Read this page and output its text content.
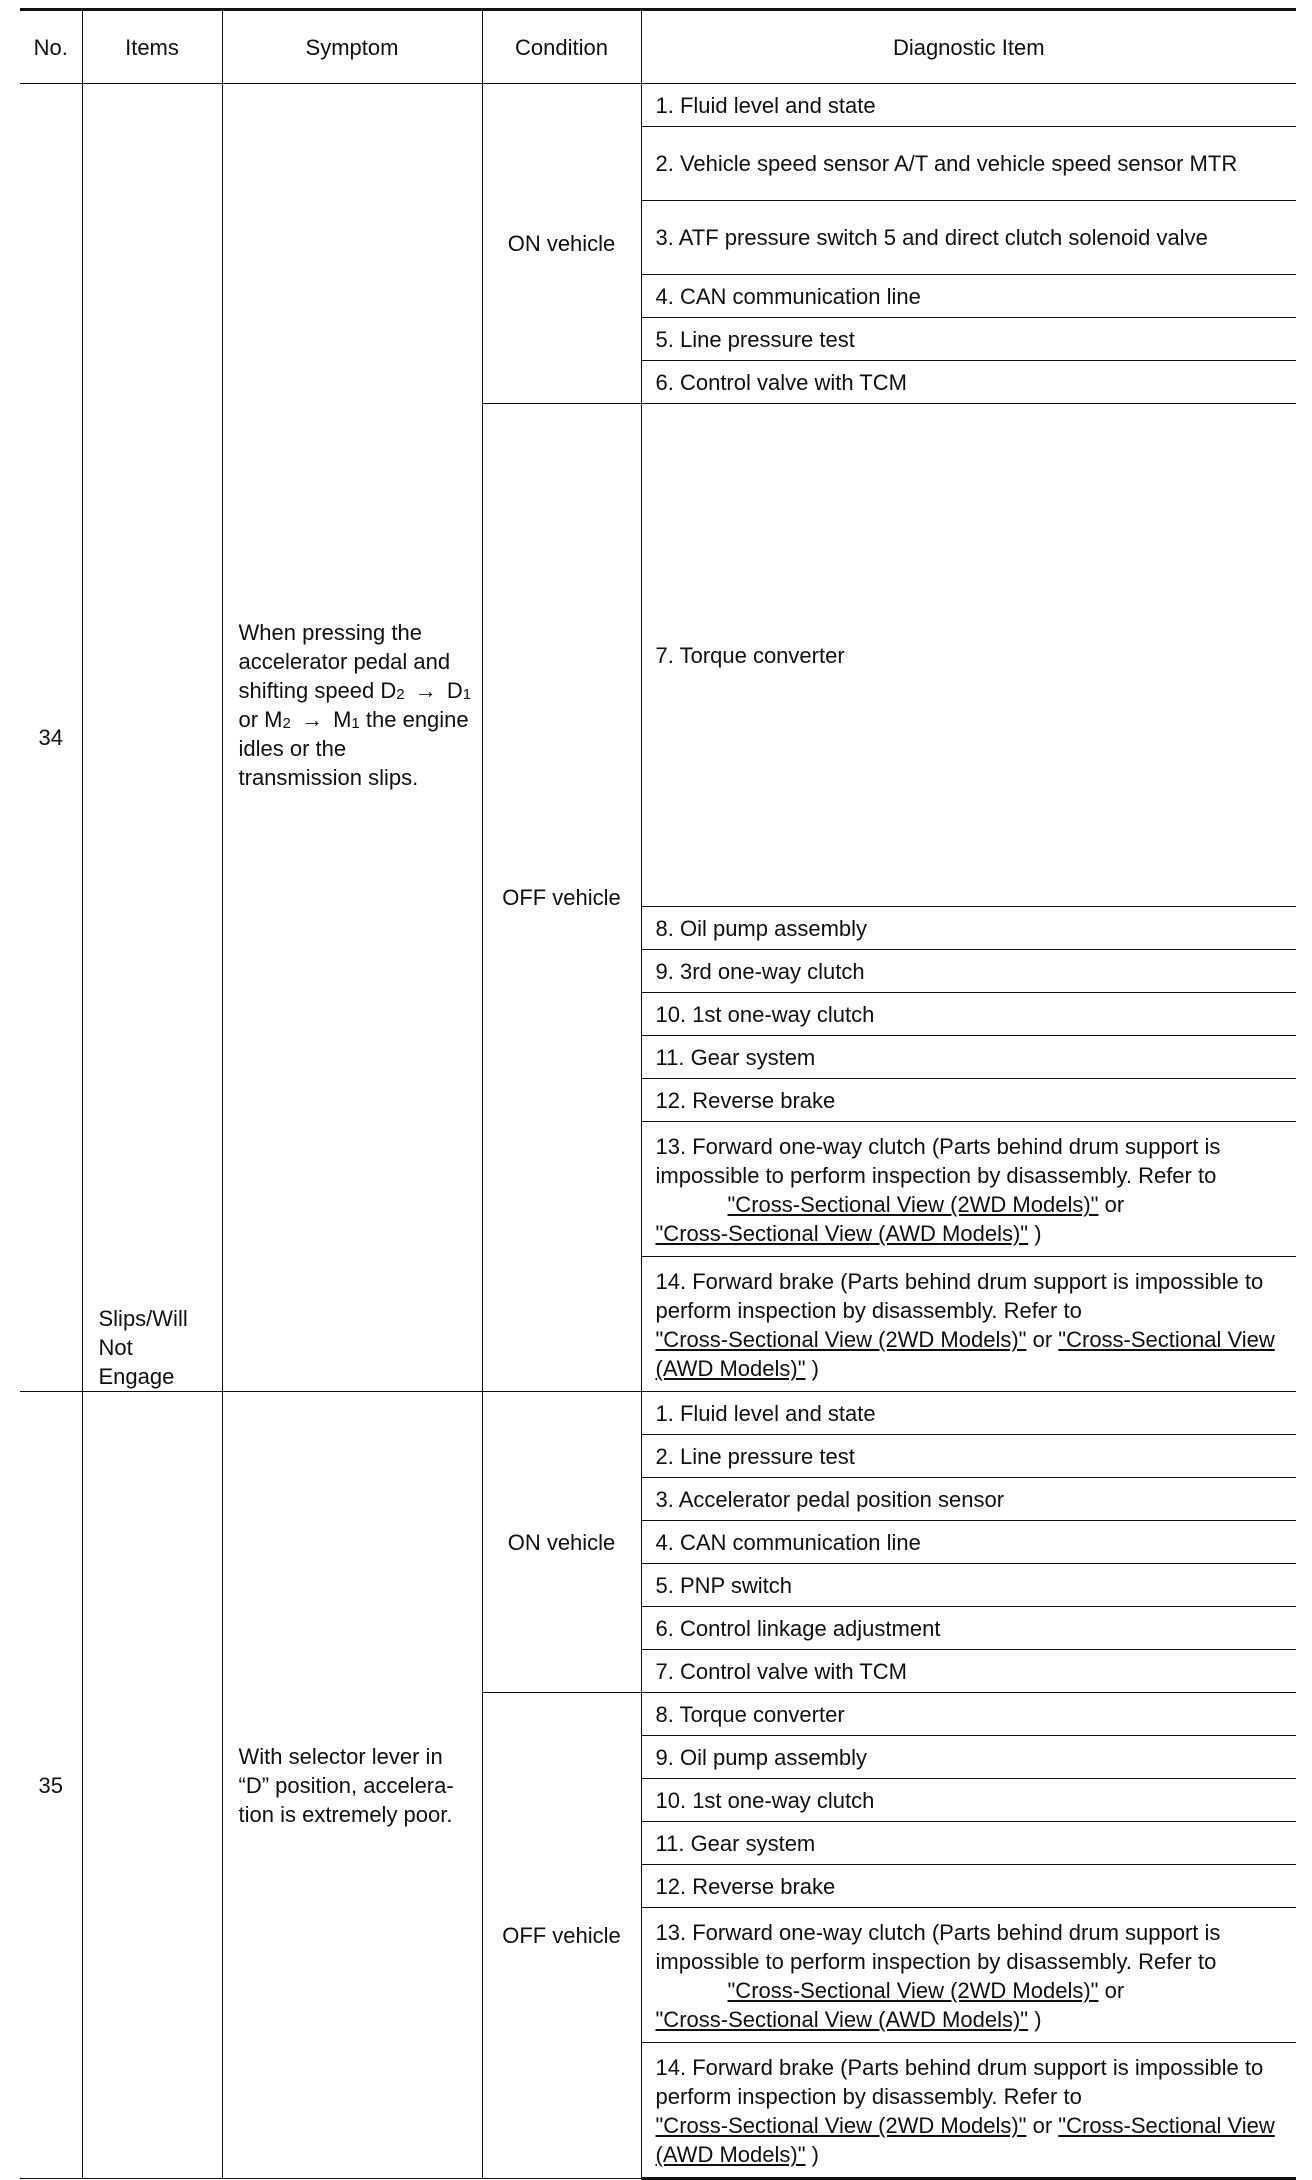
No.	Items	Symptom	Condition	Diagnostic Item
34	Slips/Will Not Engage	When pressing the accelerator pedal and shifting speed $D_2 \to D_1$ or $M_2 \to M_1$ the engine idles or the transmission slips.	ON vehicle	1. Fluid level and state
				2. Vehicle speed sensor A/T and vehicle speed sensor MTR
				3. ATF pressure switch 5 and direct clutch solenoid valve
				4. CAN communication line
				5. Line pressure test
				6. Control valve with TCM
			OFF vehicle	7. Torque converter
				8. Oil pump assembly
				9. 3rd one-way clutch
				10. 1st one-way clutch
				11. Gear system
				12. Reverse brake
				13. Forward one-way clutch (Parts behind drum support is impossible to perform inspection by disassembly. Refer to
"Cross-Sectional View (2WD Models)" or
"Cross-Sectional View (AWD Models)" )
				14. Forward brake (Parts behind drum support is impossible to perform inspection by disassembly. Refer to
"Cross-Sectional View (2WD Models)" or "Cross-Sectional View (AWD Models)" )
35		With selector lever in “D” position, accelera-tion is extremely poor.	ON vehicle	1. Fluid level and state
				2. Line pressure test
				3. Accelerator pedal position sensor
				4. CAN communication line
				5. PNP switch
				6. Control linkage adjustment
				7. Control valve with TCM
			OFF vehicle	8. Torque converter
				9. Oil pump assembly
				10. 1st one-way clutch
				11. Gear system
				12. Reverse brake
				13. Forward one-way clutch (Parts behind drum support is impossible to perform inspection by disassembly. Refer to
"Cross-Sectional View (2WD Models)" or
"Cross-Sectional View (AWD Models)" )
				14. Forward brake (Parts behind drum support is impossible to perform inspection by disassembly. Refer to
"Cross-Sectional View (2WD Models)" or "Cross-Sectional View (AWD Models)" )
